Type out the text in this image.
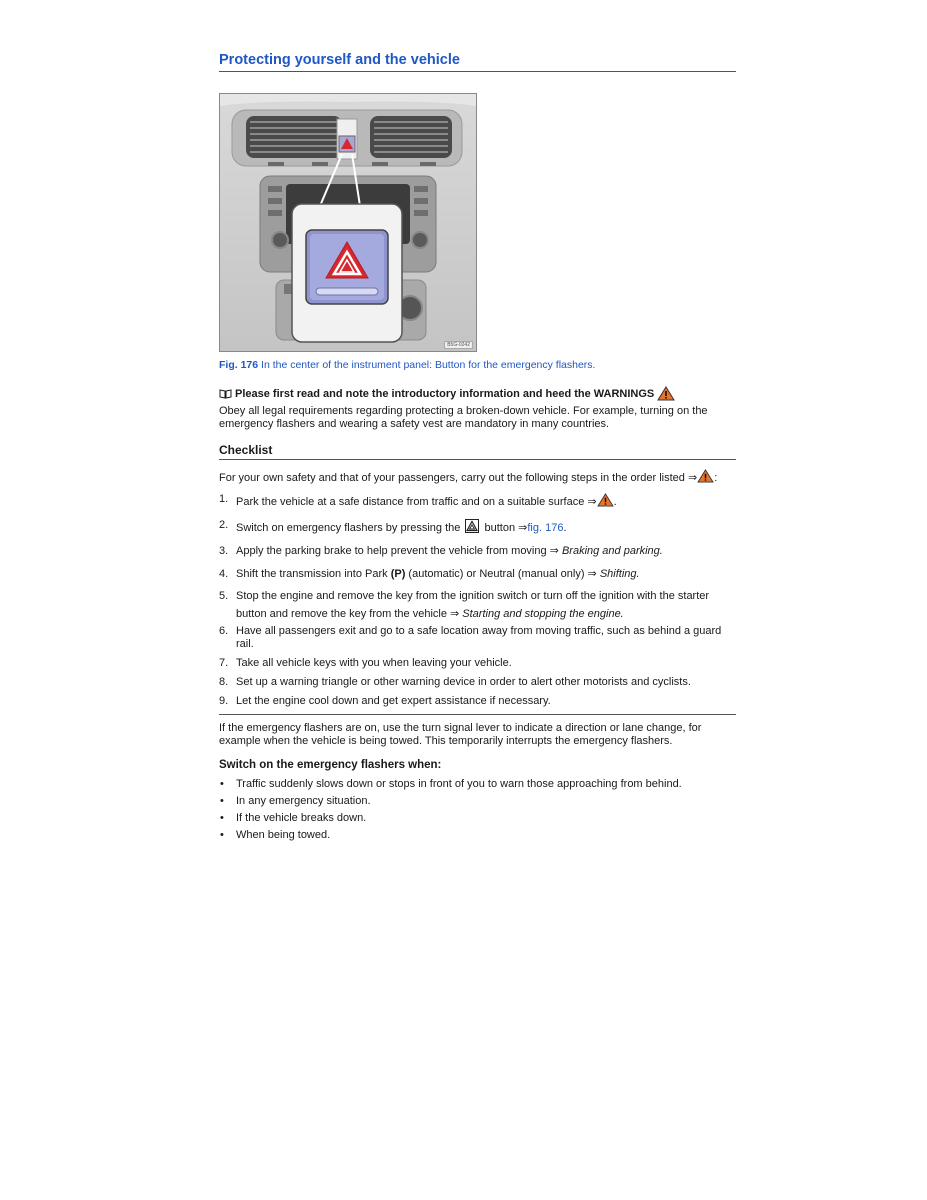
Protecting yourself and the vehicle
B5G-0242
Fig. 176 In the center of the instrument panel: Button for the emergency flashers.
Please first read and note the introductory information and heed the WARNINGS

Obey all legal requirements regarding protecting a broken-down vehicle. For example, turning on the emergency flashers and wearing a safety vest are mandatory in many countries.

Checklist

For your own safety and that of your passengers, carry out the following steps in the order listed ⇒ :

1. Park the vehicle at a safe distance from traffic and on a suitable surface ⇒ .
2. Switch on emergency flashers by pressing the button ⇒fig. 176.
3. Apply the parking brake to help prevent the vehicle from moving ⇒ Braking and parking.
4. Shift the transmission into Park (P) (automatic) or Neutral (manual only) ⇒ Shifting.
5. Stop the engine and remove the key from the ignition switch or turn off the ignition with the starter button and remove the key from the vehicle ⇒ Starting and stopping the engine.
6. Have all passengers exit and go to a safe location away from moving traffic, such as behind a guard rail.
7. Take all vehicle keys with you when leaving your vehicle.
8. Set up a warning triangle or other warning device in order to alert other motorists and cyclists.
9. Let the engine cool down and get expert assistance if necessary.

If the emergency flashers are on, use the turn signal lever to indicate a direction or lane change, for example when the vehicle is being towed. This temporarily interrupts the emergency flashers.

Switch on the emergency flashers when:
• Traffic suddenly slows down or stops in front of you to warn those approaching from behind.
• In any emergency situation.
• If the vehicle breaks down.
• When being towed.
